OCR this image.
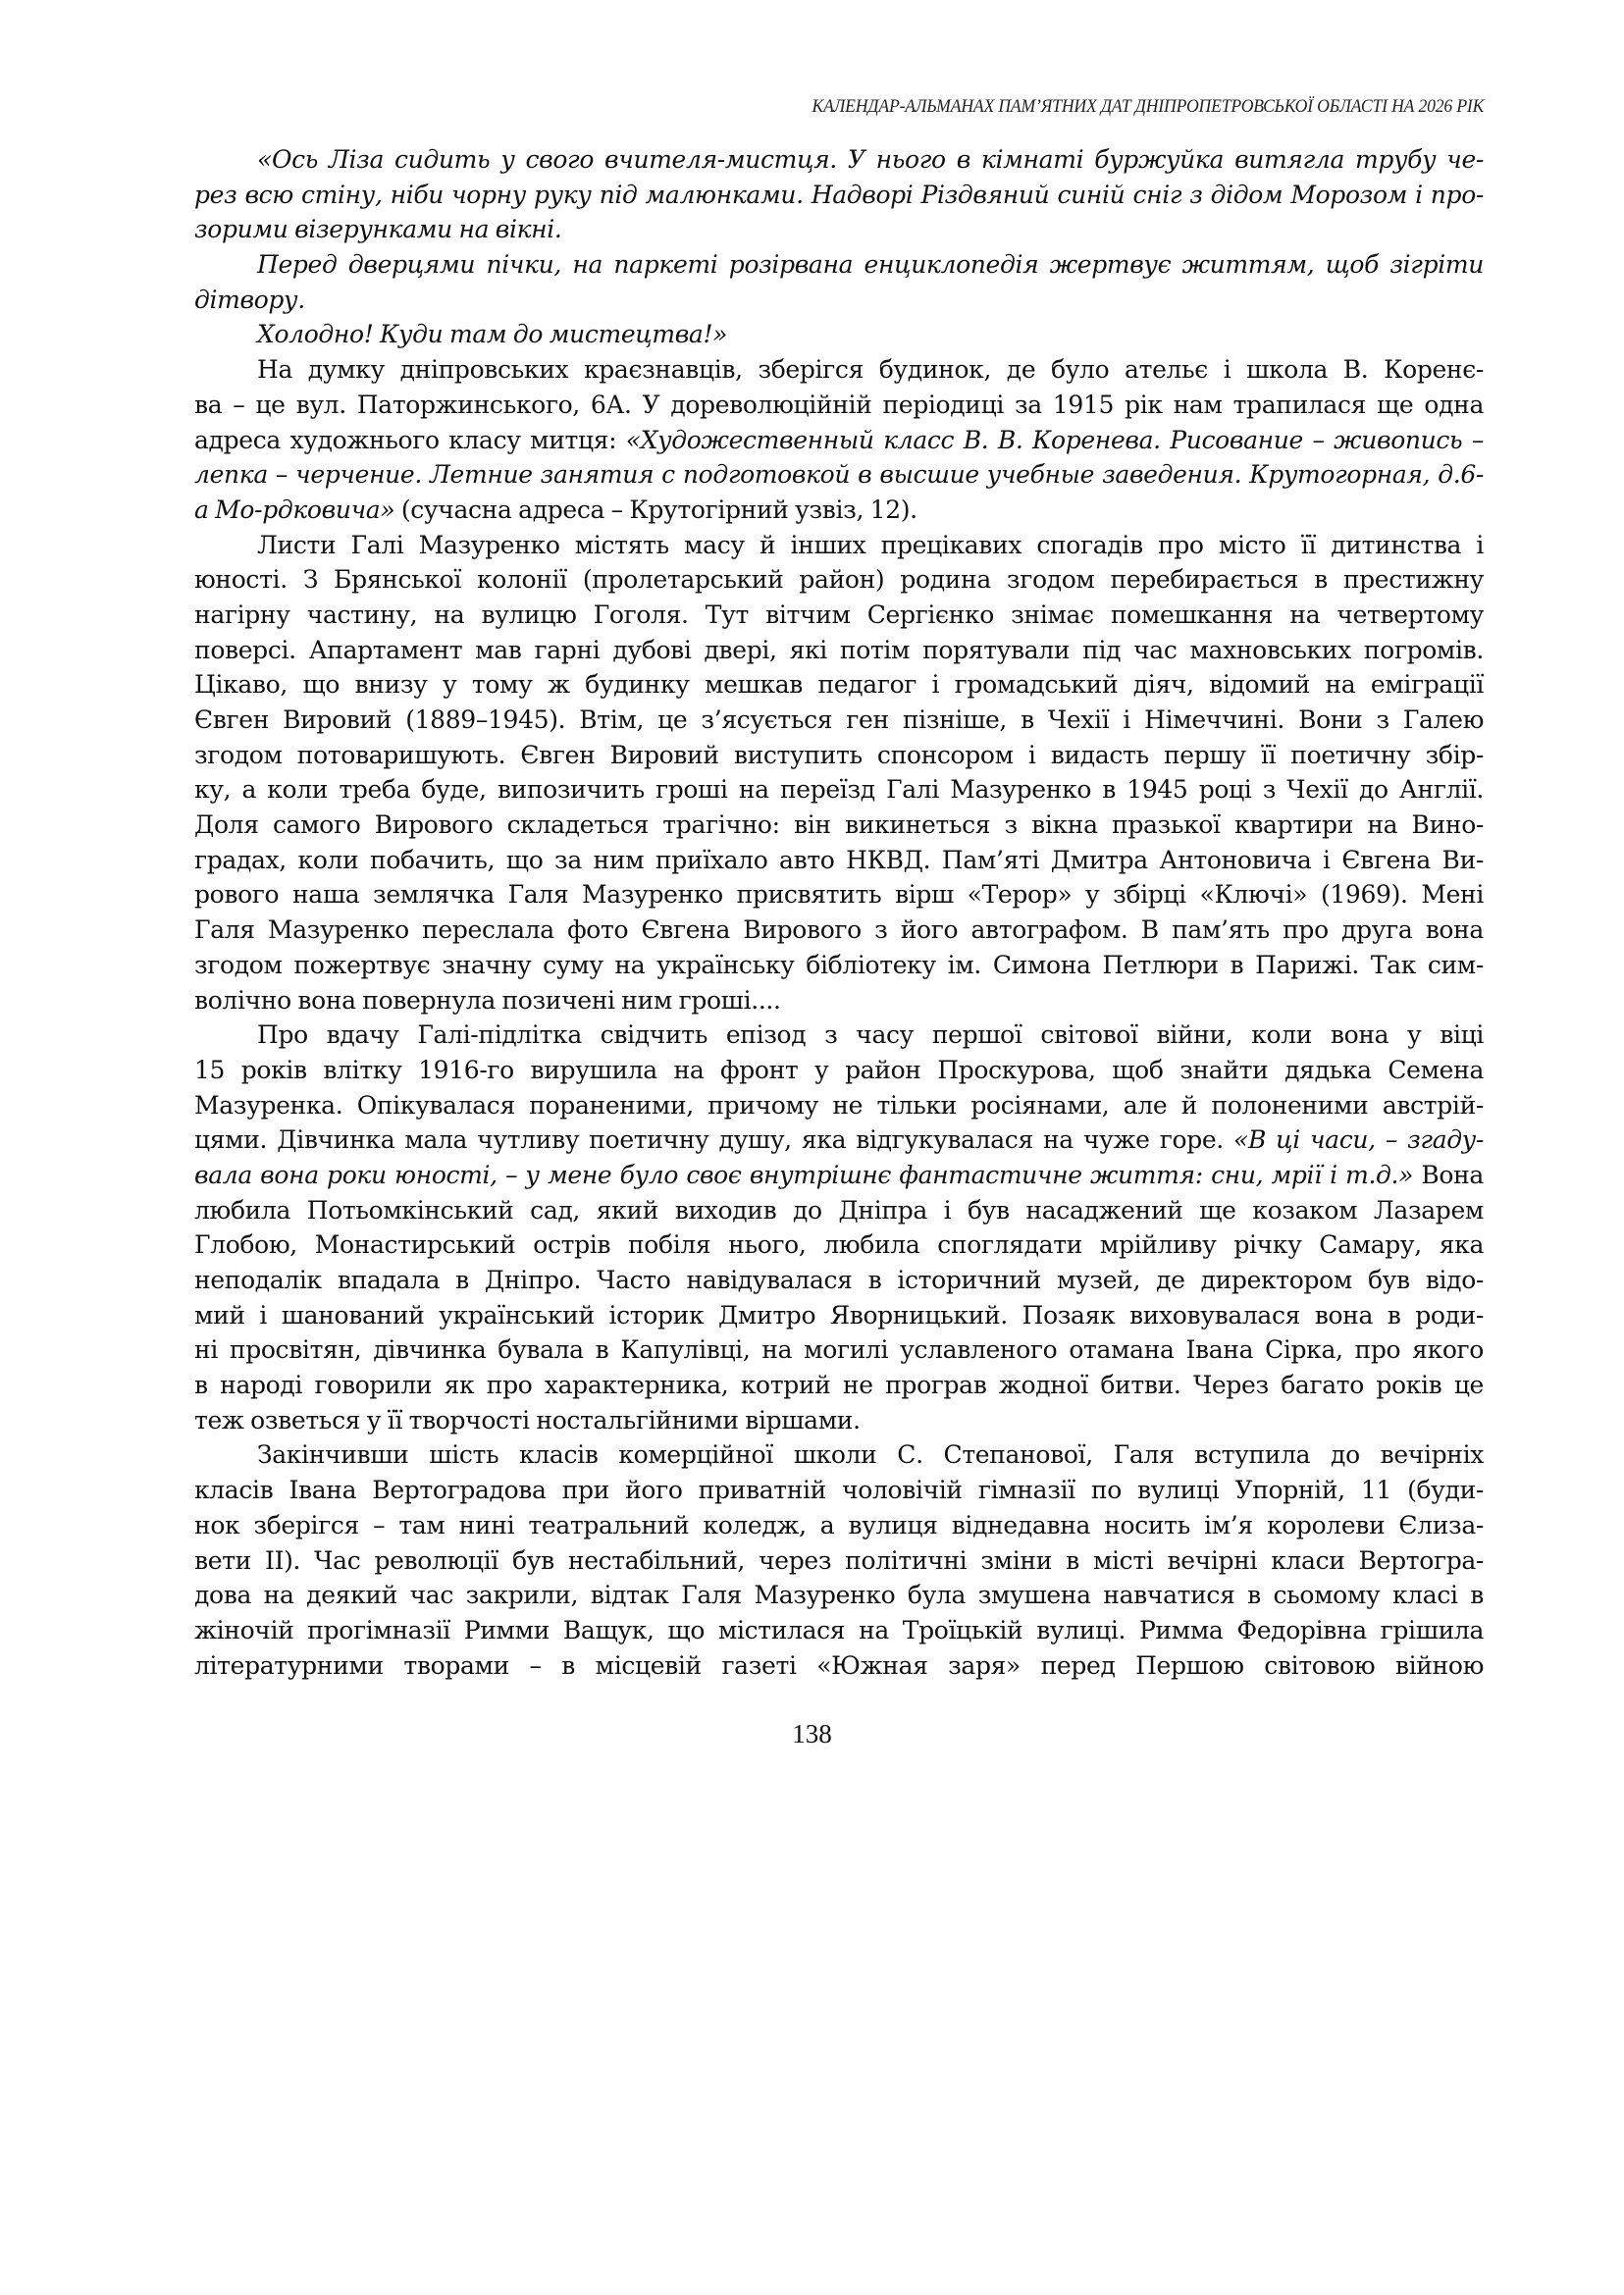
КАЛЕНДАР-АЛЬМАНАХ ПАМ’ЯТНИХ ДАТ ДНІПРОПЕТРОВСЬКОЇ ОБЛАСТІ НА 2026 РІК
«Ось Ліза сидить у свого вчителя-мистця. У нього в кімнаті буржуйка витягла трубу че-
рез всю стіну, ніби чорну руку під малюнками. Надворі Різдвяний синій сніг з дідом Морозом і про-
зорими візерунками на вікні.
Перед дверцями пічки, на паркеті розірвана енциклопедія жертвує життям, щоб зігріти
дітвору.
Холодно! Куди там до мистецтва!»
На думку дніпровських краєзнавців, зберігся будинок, де було ательє і школа В. Коренє-
ва – це вул. Паторжинського, 6А. У дореволюційній періодиці за 1915 рік нам трапилася ще одна
адреса художнього класу митця: «Художественный класс В. В. Коренева. Рисование – живопись –
лепка – черчение. Летние занятия с подготовкой в высшие учебные заведения. Крутогорная, д.6-
а Мо-рдковича» (сучасна адреса – Крутогірний узвіз, 12).
Листи Галі Мазуренко містять масу й інших прецікавих спогадів про місто її дитинства і
юності. З Брянської колонії (пролетарський район) родина згодом перебирається в престижну
нагірну частину, на вулицю Гоголя. Тут вітчим Сергієнко знімає помешкання на четвертому
поверсі. Апартамент мав гарні дубові двері, які потім порятували під час махновських погромів.
Цікаво, що внизу у тому ж будинку мешкав педагог і громадський діяч, відомий на еміграції
Євген Вировий (1889–1945). Втім, це з’ясується ген пізніше, в Чехії і Німеччині. Вони з Галею
згодом потоваришують. Євген Вировий виступить спонсором і видасть першу її поетичну збір-
ку, а коли треба буде, випозичить гроші на переїзд Галі Мазуренко в 1945 році з Чехії до Англії.
Доля самого Вирового складеться трагічно: він викинеться з вікна празької квартири на Вино-
градах, коли побачить, що за ним приїхало авто НКВД. Пам’яті Дмитра Антоновича і Євгена Ви-
рового наша землячка Галя Мазуренко присвятить вірш «Терор» у збірці «Ключі» (1969). Мені
Галя Мазуренко переслала фото Євгена Вирового з його автографом. В пам’ять про друга вона
згодом пожертвує значну суму на українську бібліотеку ім. Симона Петлюри в Парижі. Так сим-
волічно вона повернула позичені ним гроші....
Про вдачу Галі-підлітка свідчить епізод з часу першої світової війни, коли вона у віці
15 років влітку 1916-го вирушила на фронт у район Проскурова, щоб знайти дядька Семена
Мазуренка. Опікувалася пораненими, причому не тільки росіянами, але й полоненими австрій-
цями. Дівчинка мала чутливу поетичну душу, яка відгукувалася на чуже горе. «В ці часи, – згаду-
вала вона роки юності, – у мене було своє внутрішнє фантастичне життя: сни, мрії і т.д.» Вона
любила Потьомкінський сад, який виходив до Дніпра і був насаджений ще козаком Лазарем
Глобою, Монастирський острів побіля нього, любила споглядати мрійливу річку Самару, яка
неподалік впадала в Дніпро. Часто навідувалася в історичний музей, де директором був відо-
мий і шанований український історик Дмитро Яворницький. Позаяк виховувалася вона в роди-
ні просвітян, дівчинка бувала в Капулівці, на могилі уславленого отамана Івана Сірка, про якого
в народі говорили як про характерника, котрий не програв жодної битви. Через багато років це
теж озветься у її творчості ностальгійними віршами.
Закінчивши шість класів комерційної школи С. Степанової, Галя вступила до вечірніх
класів Івана Вертоградова при його приватній чоловічій гімназії по вулиці Упорній, 11 (буди-
нок зберігся – там нині театральний коледж, а вулиця віднедавна носить ім’я королеви Єлиза-
вети II). Час революції був нестабільний, через політичні зміни в місті вечірні класи Вертогра-
дова на деякий час закрили, відтак Галя Мазуренко була змушена навчатися в сьомому класі в
жіночій прогімназії Римми Ващук, що містилася на Троїцькій вулиці. Римма Федорівна грішила
літературними творами – в місцевій газеті «Южная заря» перед Першою світовою війною
138
